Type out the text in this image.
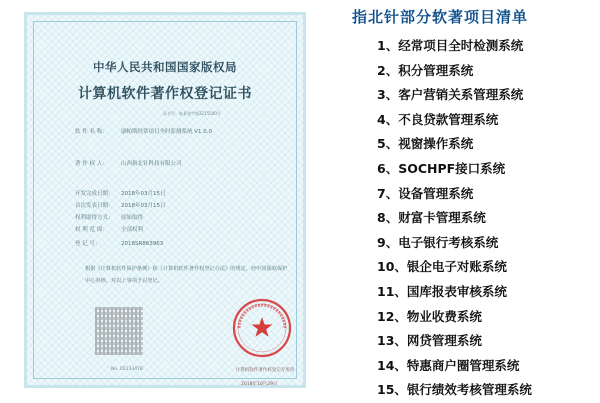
中华人民共和国国家版权局
计算机软件著作权登记证书
证书号：软著登字第2215500号
软 件 名 称： 康帕斯经常项目全时监测系统 V1.0.0
著 作 权 人： 山西指北针科技有限公司
开发完成日期： 2018年03月15日
首次发表日期： 2018年03月15日
权利取得方式： 原始取得
权 利 范 围： 全部权利
登 记 号：	2018SR863963
根据《计算机软件保护条例》和《计算机软件著作权登记办法》的规定，经中国版权保护中心审核，对以上事项予以登记。
No. 02133478	计算机软件著作权登记专用章
2018年10月29日
指北针部分软著项目清单
1、经常项目全时检测系统
2、积分管理系统
3、客户营销关系管理系统
4、不良贷款管理系统
5、视窗操作系统
6、SOCHPF接口系统
7、设备管理系统
8、财富卡管理系统
9、电子银行考核系统
10、银企电子对账系统
11、国库报表审核系统
12、物业收费系统
13、网贷管理系统
14、特惠商户圈管理系统
15、银行绩效考核管理系统
